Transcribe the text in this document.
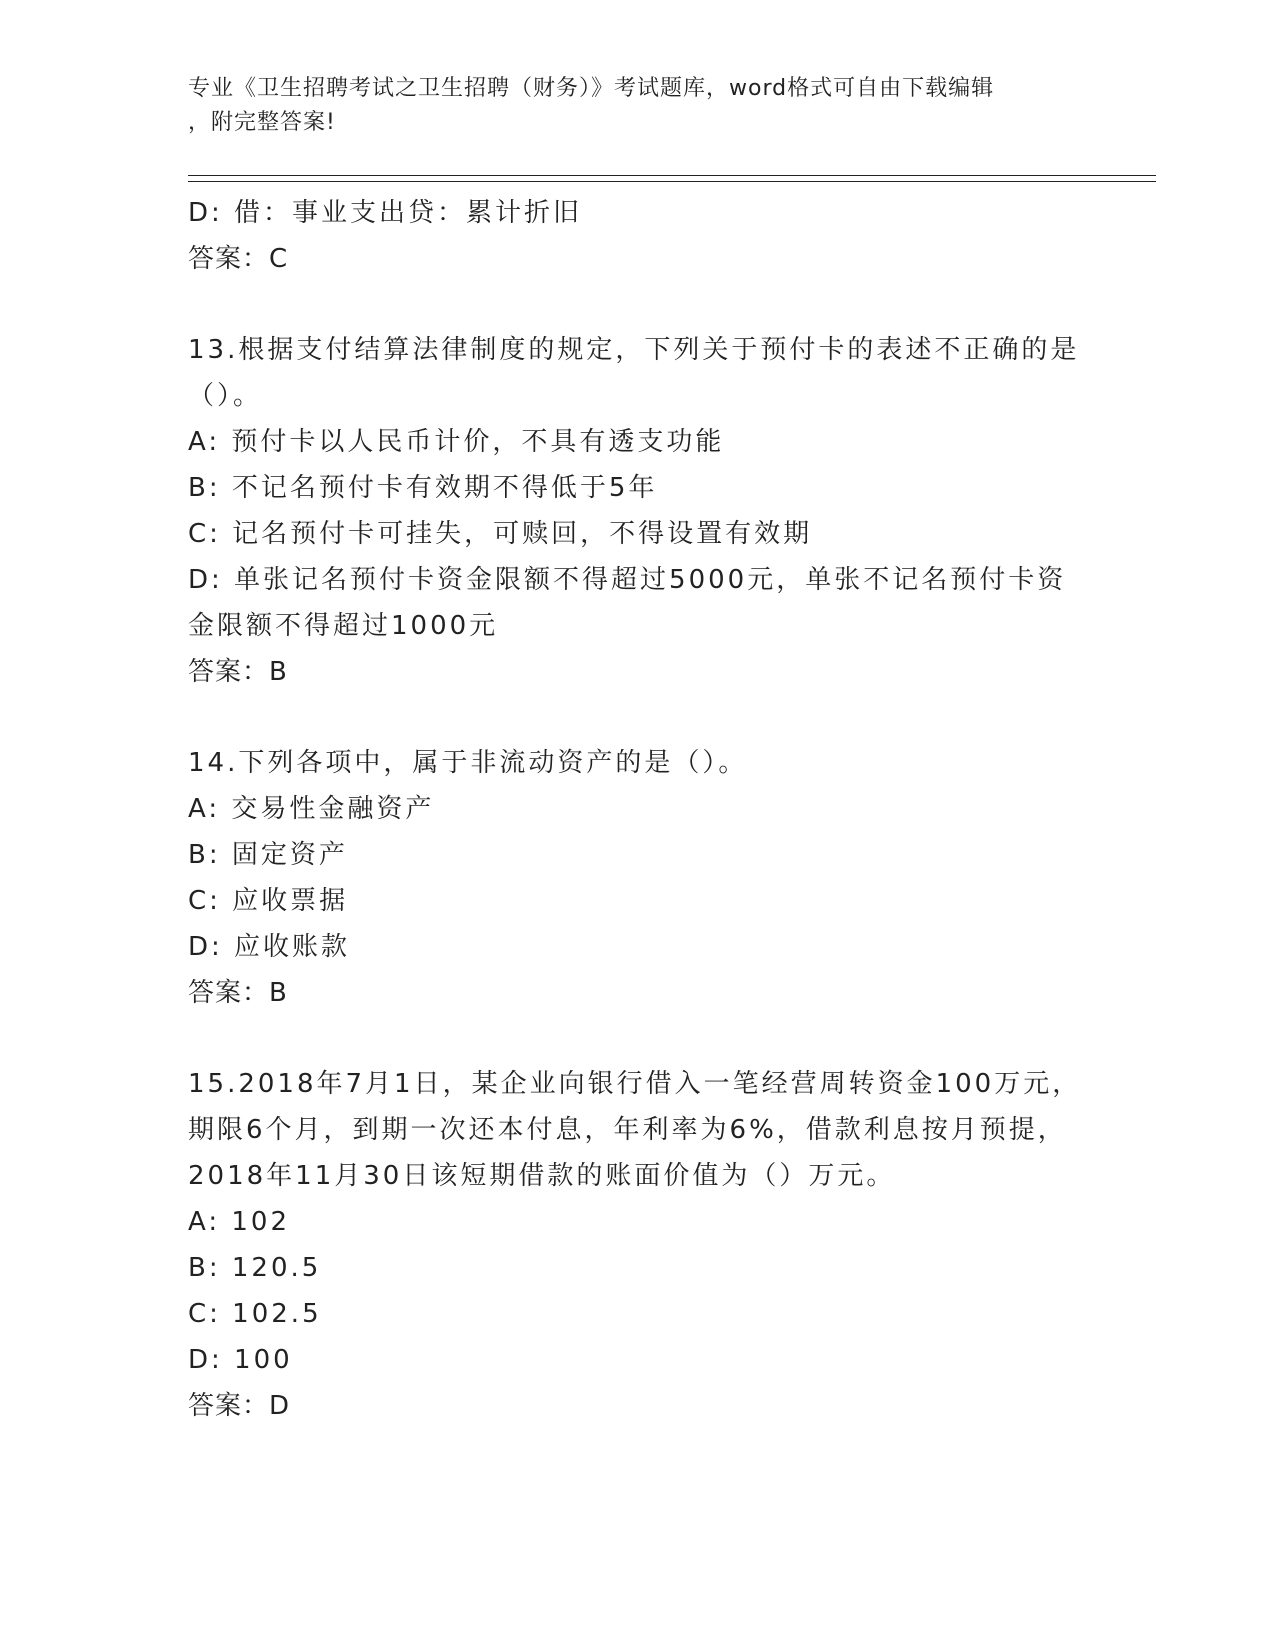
专业《卫生招聘考试之卫生招聘（财务）》考试题库，word格式可自由下载编辑
，附完整答案!
D: 借：事业支出贷：累计折旧
答案：C
13.根据支付结算法律制度的规定，下列关于预付卡的表述不正确的是
（）。
A: 预付卡以人民币计价，不具有透支功能
B: 不记名预付卡有效期不得低于5年
C: 记名预付卡可挂失，可赎回，不得设置有效期
D: 单张记名预付卡资金限额不得超过5000元，单张不记名预付卡资
金限额不得超过1000元
答案：B
14.下列各项中，属于非流动资产的是（）。
A: 交易性金融资产
B: 固定资产
C: 应收票据
D: 应收账款
答案：B
15.2018年7月1日，某企业向银行借入一笔经营周转资金100万元，
期限6个月，到期一次还本付息，年利率为6%，借款利息按月预提，
2018年11月30日该短期借款的账面价值为（）万元。
A: 102
B: 120.5
C: 102.5
D: 100
答案：D
